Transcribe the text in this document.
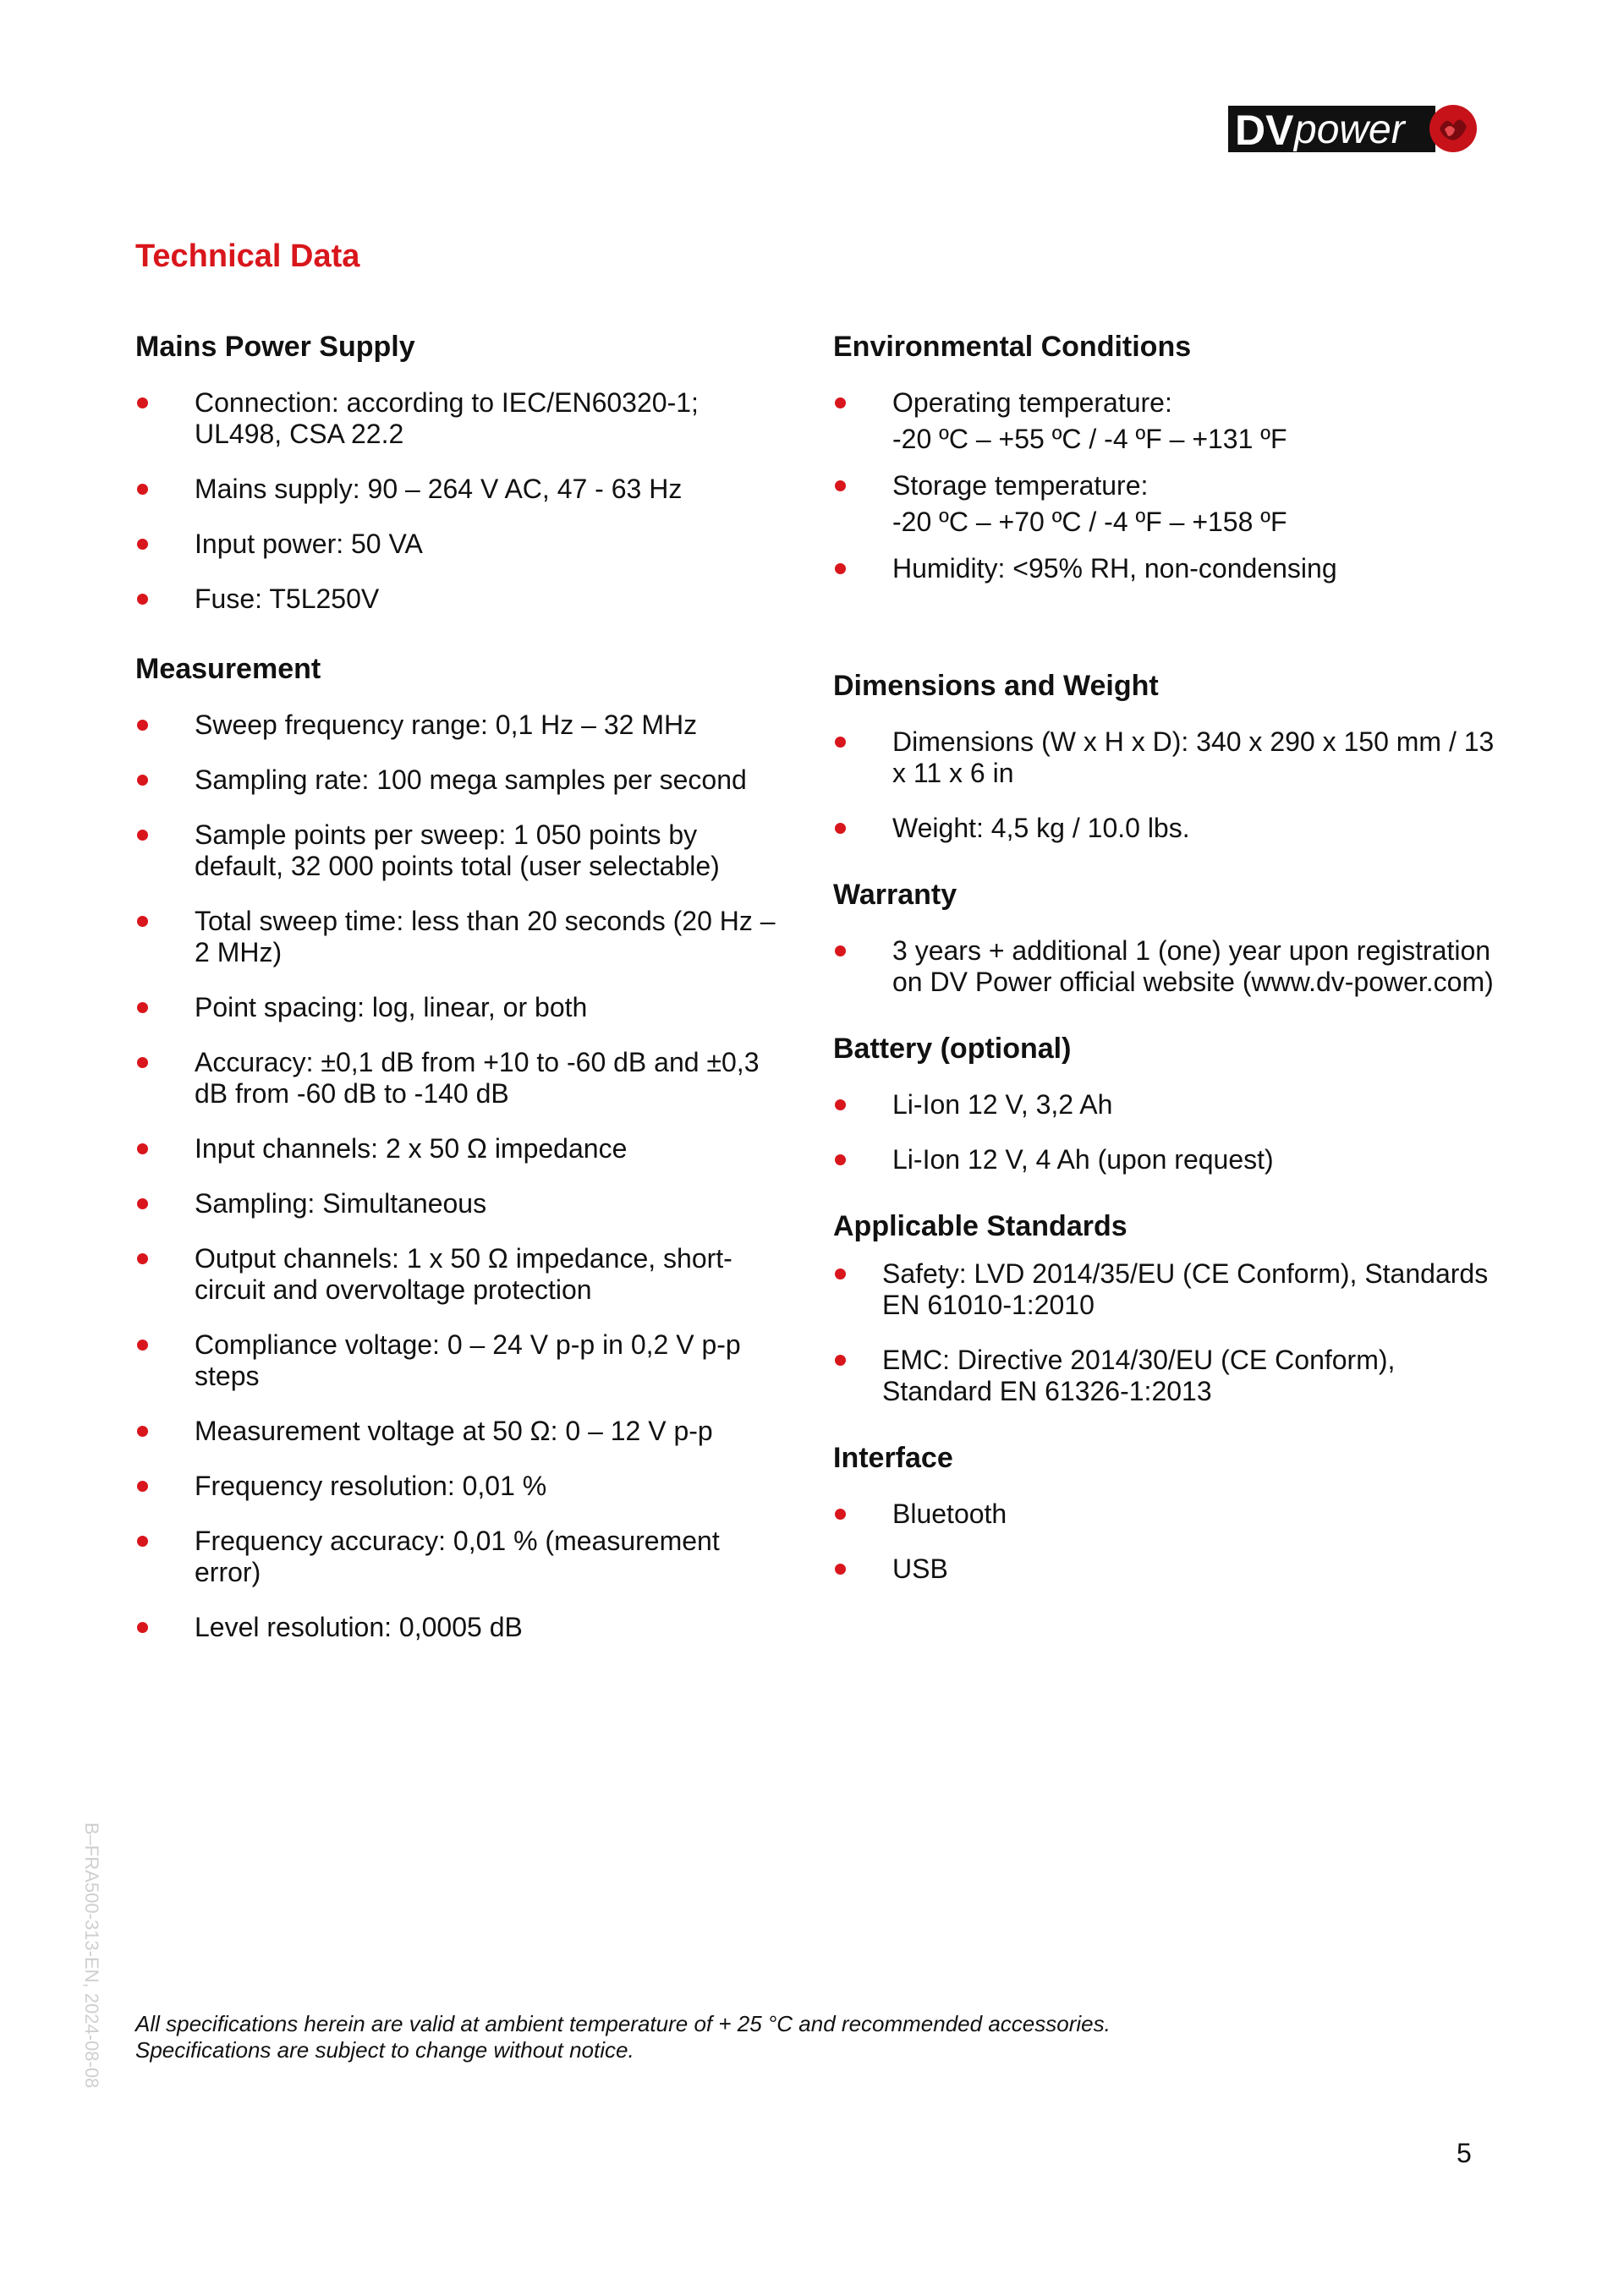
DV power
Technical Data
Mains Power Supply
Connection: according to IEC/EN60320-1; UL498, CSA 22.2
Mains supply: 90 – 264 V AC, 47 - 63 Hz
Input power: 50 VA
Fuse: T5L250V
Measurement
Sweep frequency range: 0,1 Hz – 32 MHz
Sampling rate: 100 mega samples per second
Sample points per sweep: 1 050 points by default, 32 000 points total (user selectable)
Total sweep time: less than 20 seconds (20 Hz – 2 MHz)
Point spacing: log, linear, or both
Accuracy: ±0,1 dB from +10 to -60 dB and ±0,3 dB from -60 dB to -140 dB
Input channels: 2 x 50 Ω impedance
Sampling: Simultaneous
Output channels: 1 x 50 Ω impedance, short-circuit and overvoltage protection
Compliance voltage: 0 – 24 V p-p in 0,2 V p-p steps
Measurement voltage at 50 Ω: 0 – 12 V p-p
Frequency resolution: 0,01 %
Frequency accuracy: 0,01 % (measurement error)
Level resolution: 0,0005 dB
Environmental Conditions
Operating temperature:
-20 ºC – +55 ºC / -4 ºF – +131 ºF
Storage temperature:
-20 ºC – +70 ºC / -4 ºF – +158 ºF
Humidity: <95% RH, non-condensing
Dimensions and Weight
Dimensions (W x H x D): 340 x 290 x 150 mm / 13 x 11 x 6 in
Weight: 4,5 kg / 10.0 lbs.
Warranty
3 years + additional 1 (one) year upon registration on DV Power official website (www.dv-power.com)
Battery (optional)
Li-Ion 12 V, 3,2 Ah
Li-Ion 12 V, 4 Ah (upon request)
Applicable Standards
Safety: LVD 2014/35/EU (CE Conform), Standards EN 61010-1:2010
EMC: Directive 2014/30/EU (CE Conform), Standard EN 61326-1:2013
Interface
Bluetooth
USB
B–FRA500-313-EN, 2024-08-08 All specifications herein are valid at ambient temperature of + 25 °C and recommended accessories.
Specifications are subject to change without notice.
5
